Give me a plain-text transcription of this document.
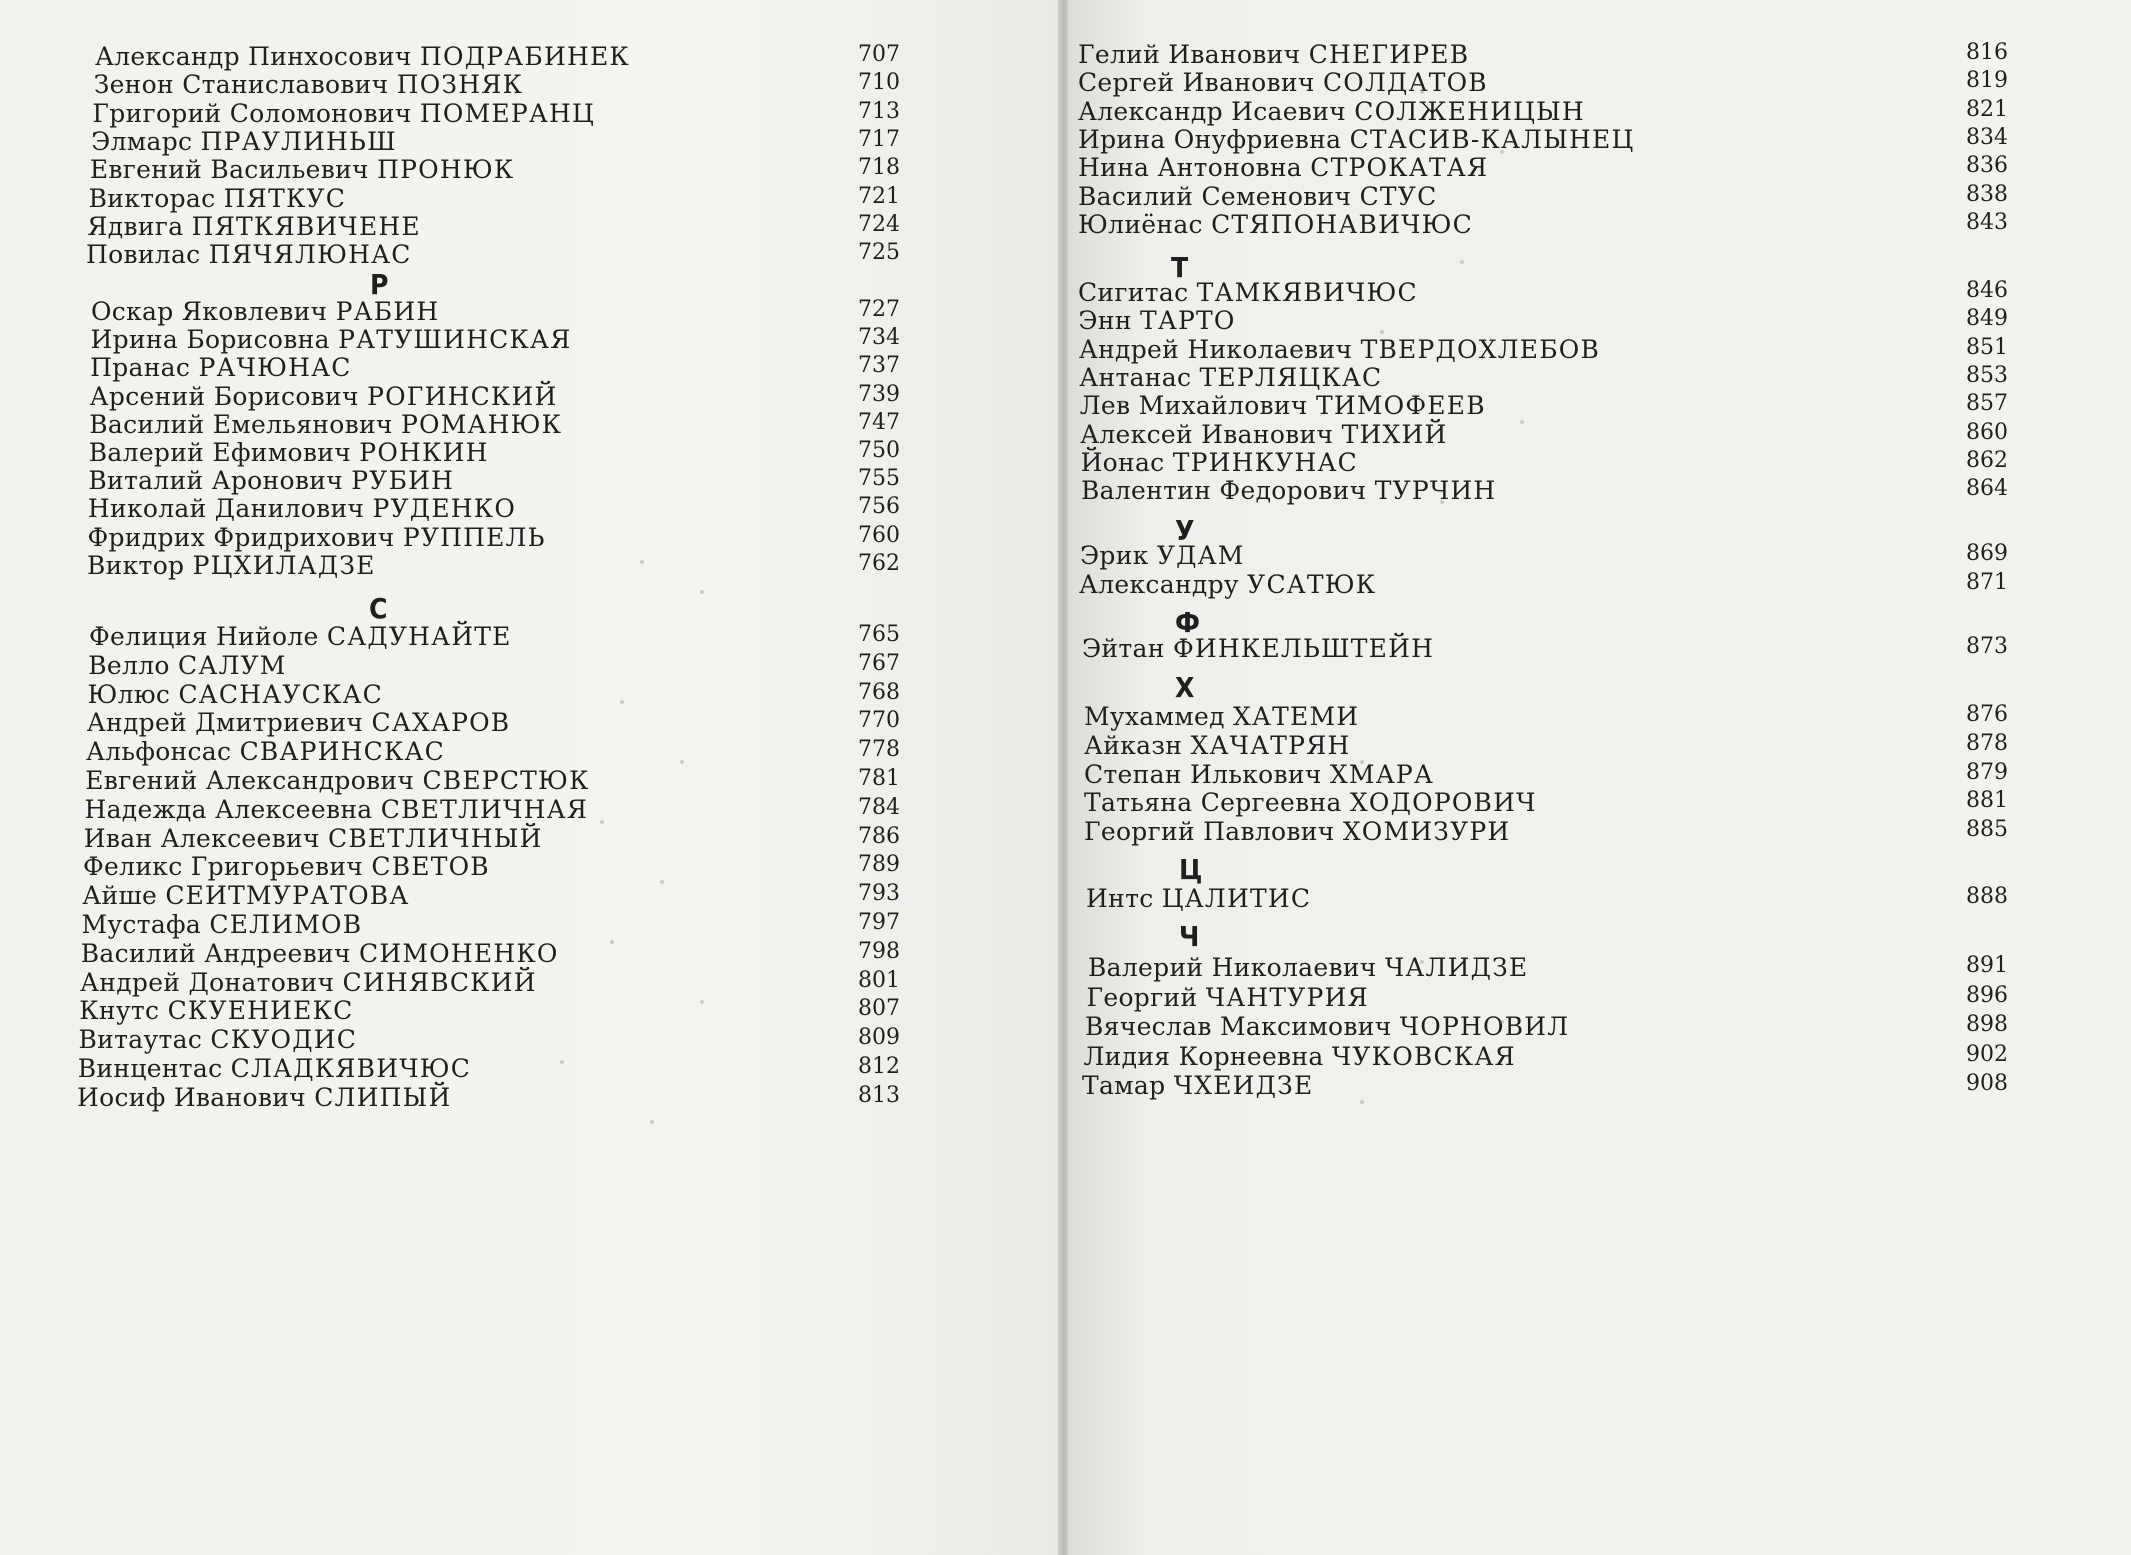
Александр Пинхосович ПОДРАБИНЕК	707
Зенон Станиславович ПОЗНЯК	710
Григорий Соломонович ПОМЕРАНЦ	713
Элмарс ПРАУЛИНЬШ	717
Евгений Васильевич ПРОНЮК	718
Викторас ПЯТКУС	721
Ядвига ПЯТКЯВИЧЕНЕ	724
Повилас ПЯЧЯЛЮНАС	725
Р
Оскар Яковлевич РАБИН	727
Ирина Борисовна РАТУШИНСКАЯ	734
Пранас РАЧЮНАС	737
Арсений Борисович РОГИНСКИЙ	739
Василий Емельянович РОМАНЮК	747
Валерий Ефимович РОНКИН	750
Виталий Аронович РУБИН	755
Николай Данилович РУДЕНКО	756
Фридрих Фридрихович РУППЕЛЬ	760
Виктор РЦХИЛАДЗЕ	762
С
Фелиция Нийоле САДУНАЙТЕ	765
Велло САЛУМ	767
Юлюс САСНАУСКАС	768
Андрей Дмитриевич САХАРОВ	770
Альфонсас СВАРИНСКАС	778
Евгений Александрович СВЕРСТЮК	781
Надежда Алексеевна СВЕТЛИЧНАЯ	784
Иван Алексеевич СВЕТЛИЧНЫЙ	786
Феликс Григорьевич СВЕТОВ	789
Айше СЕИТМУРАТОВА	793
Мустафа СЕЛИМОВ	797
Василий Андреевич СИМОНЕНКО	798
Андрей Донатович СИНЯВСКИЙ	801
Кнутс СКУЕНИЕКС	807
Витаутас СКУОДИС	809
Винцентас СЛАДКЯВИЧЮС	812
Иосиф Иванович СЛИПЫЙ	813
Гелий Иванович СНЕГИРЕВ	816
Сергей Иванович СОЛДАТОВ	819
Александр Исаевич СОЛЖЕНИЦЫН	821
Ирина Онуфриевна СТАСИВ-КАЛЫНЕЦ	834
Нина Антоновна СТРОКАТАЯ	836
Василий Семенович СТУС	838
Юлиёнас СТЯПОНАВИЧЮС	843
Т
Сигитас ТАМКЯВИЧЮС	846
Энн ТАРТО	849
Андрей Николаевич ТВЕРДОХЛЕБОВ	851
Антанас ТЕРЛЯЦКАС	853
Лев Михайлович ТИМОФЕЕВ	857
Алексей Иванович ТИХИЙ	860
Йонас ТРИНКУНАС	862
Валентин Федорович ТУРЧИН	864
У
Эрик УДАМ	869
Александру УСАТЮК	871
Ф
Эйтан ФИНКЕЛЬШТЕЙН	873
Х
Мухаммед ХАТЕМИ	876
Айказн ХАЧАТРЯН	878
Степан Илькович ХМАРА	879
Татьяна Сергеевна ХОДОРОВИЧ	881
Георгий Павлович ХОМИЗУРИ	885
Ц
Интс ЦАЛИТИС	888
Ч
Валерий Николаевич ЧАЛИДЗЕ	891
Георгий ЧАНТУРИЯ	896
Вячеслав Максимович ЧОРНОВИЛ	898
Лидия Корнеевна ЧУКОВСКАЯ	902
Тамар ЧХЕИДЗЕ	908
